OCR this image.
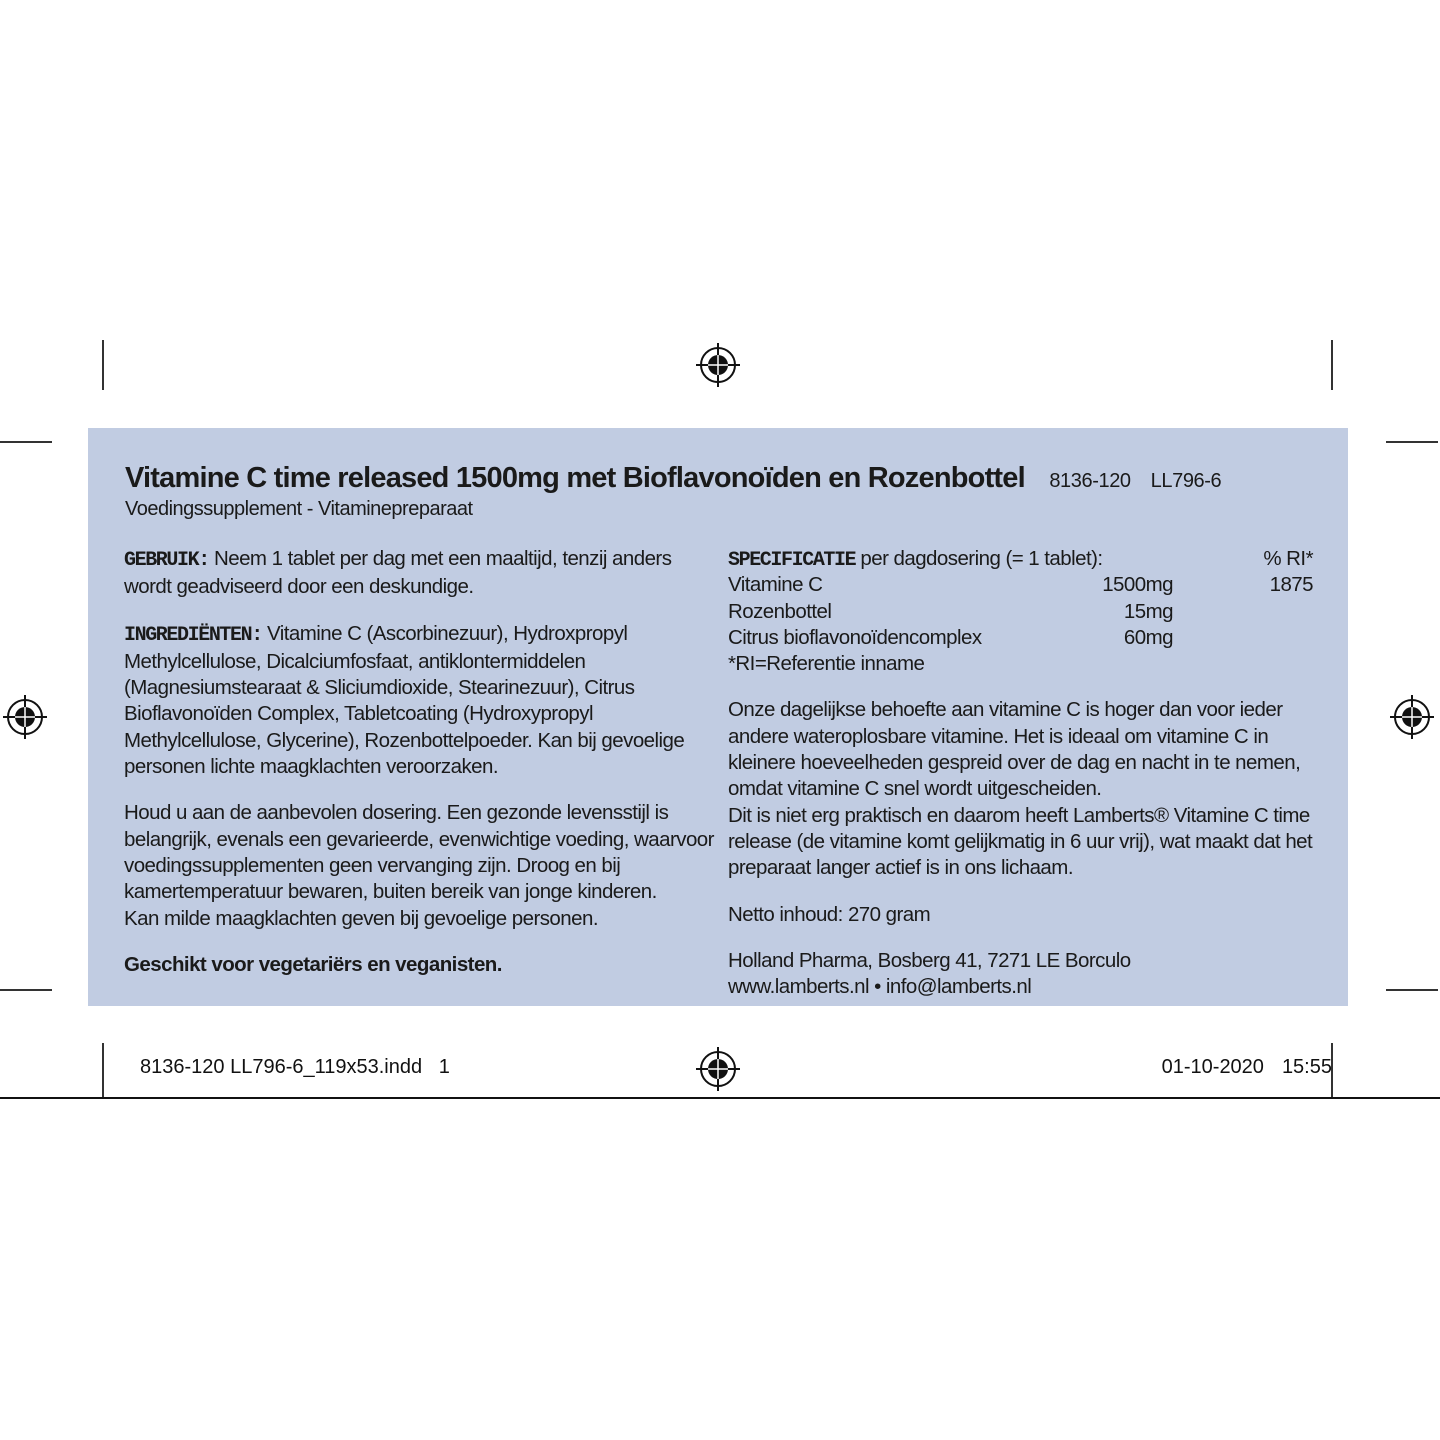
Vitamine C time released 1500mg met Bioflavonoïden en Rozenbottel 8136-120 LL796-6
Voedingssupplement - Vitaminepreparaat

GEBRUIK: Neem 1 tablet per dag met een maaltijd, tenzij anders wordt geadviseerd door een deskundige.

INGREDIËNTEN: Vitamine C (Ascorbinezuur), Hydroxpropyl Methylcellulose, Dicalciumfosfaat, antiklontermiddelen (Magnesiumstearaat & Sliciumdioxide, Stearinezuur), Citrus Bioflavonoïden Complex, Tabletcoating (Hydroxypropyl Methylcellulose, Glycerine), Rozenbottelpoeder. Kan bij gevoelige personen lichte maagklachten veroorzaken.

Houd u aan de aanbevolen dosering. Een gezonde levensstijl is belangrijk, evenals een gevarieerde, evenwichtige voeding, waarvoor voedingssupplementen geen vervanging zijn. Droog en bij kamertemperatuur bewaren, buiten bereik van jonge kinderen.
Kan milde maagklachten geven bij gevoelige personen.

Geschikt voor vegetariërs en veganisten.

SPECIFICATIE per dagdosering (= 1 tablet):	% RI*
Vitamine C	1500mg	1875
Rozenbottel	15mg
Citrus bioflavonoïdencomplex	60mg
*RI=Referentie inname

Onze dagelijkse behoefte aan vitamine C is hoger dan voor ieder andere wateroplosbare vitamine. Het is ideaal om vitamine C in kleinere hoeveelheden gespreid over de dag en nacht in te nemen, omdat vitamine C snel wordt uitgescheiden.
Dit is niet erg praktisch en daarom heeft Lamberts® Vitamine C time release (de vitamine komt gelijkmatig in 6 uur vrij), wat maakt dat het preparaat langer actief is in ons lichaam.

Netto inhoud: 270 gram

Holland Pharma, Bosberg 41, 7271 LE Borculo
www.lamberts.nl • info@lamberts.nl

8136-120 LL796-6_119x53.indd   1	01-10-2020 15:55
